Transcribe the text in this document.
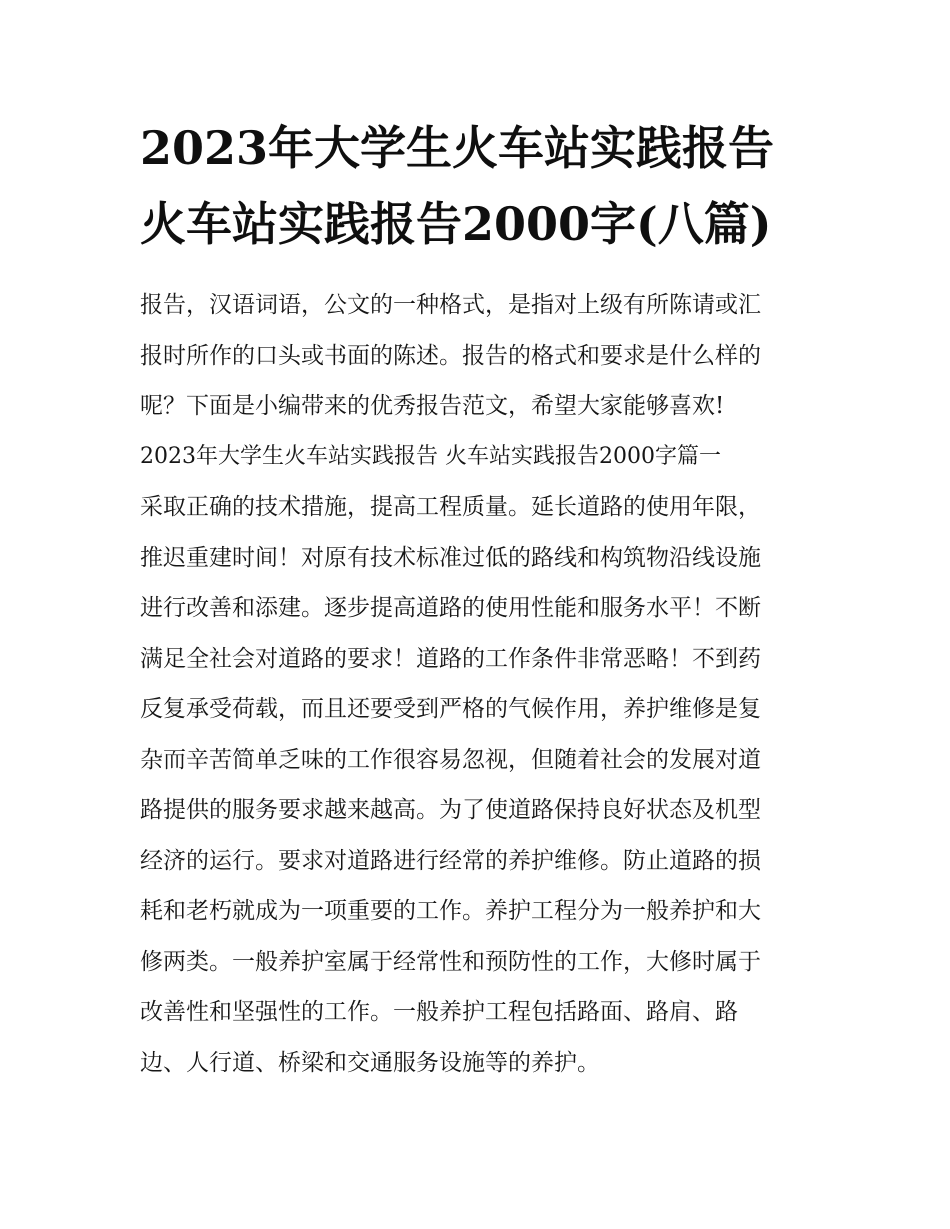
2023年大学生火车站实践报告
火车站实践报告2000字(八篇)
报告，汉语词语，公文的一种格式，是指对上级有所陈请或汇
报时所作的口头或书面的陈述。报告的格式和要求是什么样的
呢？下面是小编带来的优秀报告范文，希望大家能够喜欢!
2023年大学生火车站实践报告 火车站实践报告2000字篇一
采取正确的技术措施，提高工程质量。延长道路的使用年限，
推迟重建时间！对原有技术标准过低的路线和构筑物沿线设施
进行改善和添建。逐步提高道路的使用性能和服务水平！不断
满足全社会对道路的要求！道路的工作条件非常恶略！不到药
反复承受荷载，而且还要受到严格的气候作用，养护维修是复
杂而辛苦简单乏味的工作很容易忽视，但随着社会的发展对道
路提供的服务要求越来越高。为了使道路保持良好状态及机型
经济的运行。要求对道路进行经常的养护维修。防止道路的损
耗和老朽就成为一项重要的工作。养护工程分为一般养护和大
修两类。一般养护室属于经常性和预防性的工作，大修时属于
改善性和坚强性的工作。一般养护工程包括路面、路肩、路
边、人行道、桥梁和交通服务设施等的养护。
